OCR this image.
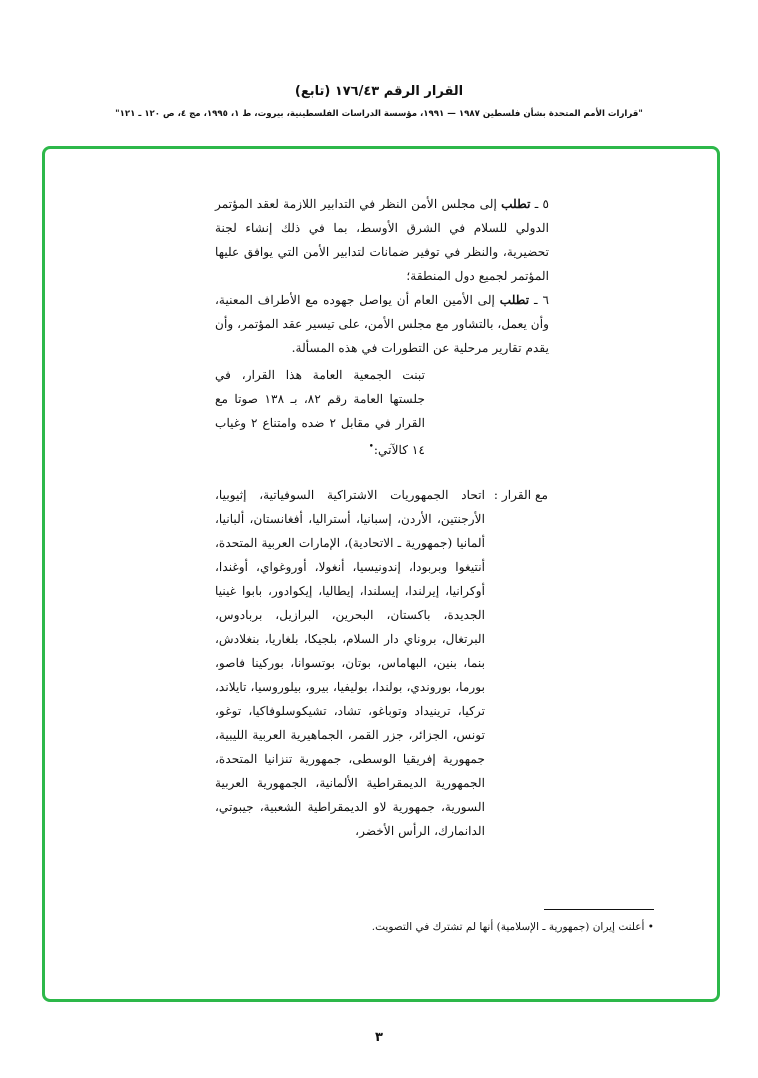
(تابع) القرار الرقم ١٧٦/٤٣
"قرارات الأمم المتحدة بشأن فلسطين ١٩٨٧ — ١٩٩١، مؤسسة الدراسات الفلسطينية، بيروت، ط ١، ١٩٩٥، مج ٤، ص ١٢٠ ـ ١٢١"

٥ ـ تطلب إلى مجلس الأمن النظر في التدابير اللازمة لعقد المؤتمر الدولي للسلام في الشرق الأوسط، بما في ذلك إنشاء لجنة تحضيرية، والنظر في توفير ضمانات لتدابير الأمن التي يوافق عليها المؤتمر لجميع دول المنطقة؛

٦ ـ تطلب إلى الأمين العام أن يواصل جهوده مع الأطراف المعنية، وأن يعمل، بالتشاور مع مجلس الأمن، على تيسير عقد المؤتمر، وأن يقدم تقارير مرحلية عن التطورات في هذه المسألة.

تبنت الجمعية العامة هذا القرار، في جلستها العامة رقم ٨٢، بـ ١٣٨ صوتا مع القرار في مقابل ٢ ضده وامتناع ٢ وغياب ١٤ كالآتي:•

مع القرار :

اتحاد الجمهوريات الاشتراكية السوفياتية، إثيوبيا، الأرجنتين، الأردن، إسبانيا، أستراليا، أفغانستان، ألبانيا، ألمانيا (جمهورية ـ الاتحادية)، الإمارات العربية المتحدة، أنتيغوا وبربودا، إندونيسيا، أنغولا، أوروغواي، أوغندا، أوكرانيا، إيرلندا، إيسلندا، إيطاليا، إيكوادور، بابوا غينيا الجديدة، باكستان، البحرين، البرازيل، بربادوس، البرتغال، بروناي دار السلام، بلجيكا، بلغاريا، بنغلادش، بنما، بنين، البهاماس، بوتان، بوتسوانا، بوركينا فاصو، بورما، بوروندي، بولندا، بوليفيا، بيرو، بيلوروسيا، تايلاند، تركيا، ترينيداد وتوباغو، تشاد، تشيكوسلوفاكيا، توغو، تونس، الجزائر، جزر القمر، الجماهيرية العربية الليبية، جمهورية إفريقيا الوسطى، جمهورية تنزانيا المتحدة، الجمهورية الديمقراطية الألمانية، الجمهورية العربية السورية، جمهورية لاو الديمقراطية الشعبية، جيبوتي، الدانمارك، الرأس الأخضر،

• أعلنت إيران (جمهورية ـ الإسلامية) أنها لم تشترك في التصويت.
٣
